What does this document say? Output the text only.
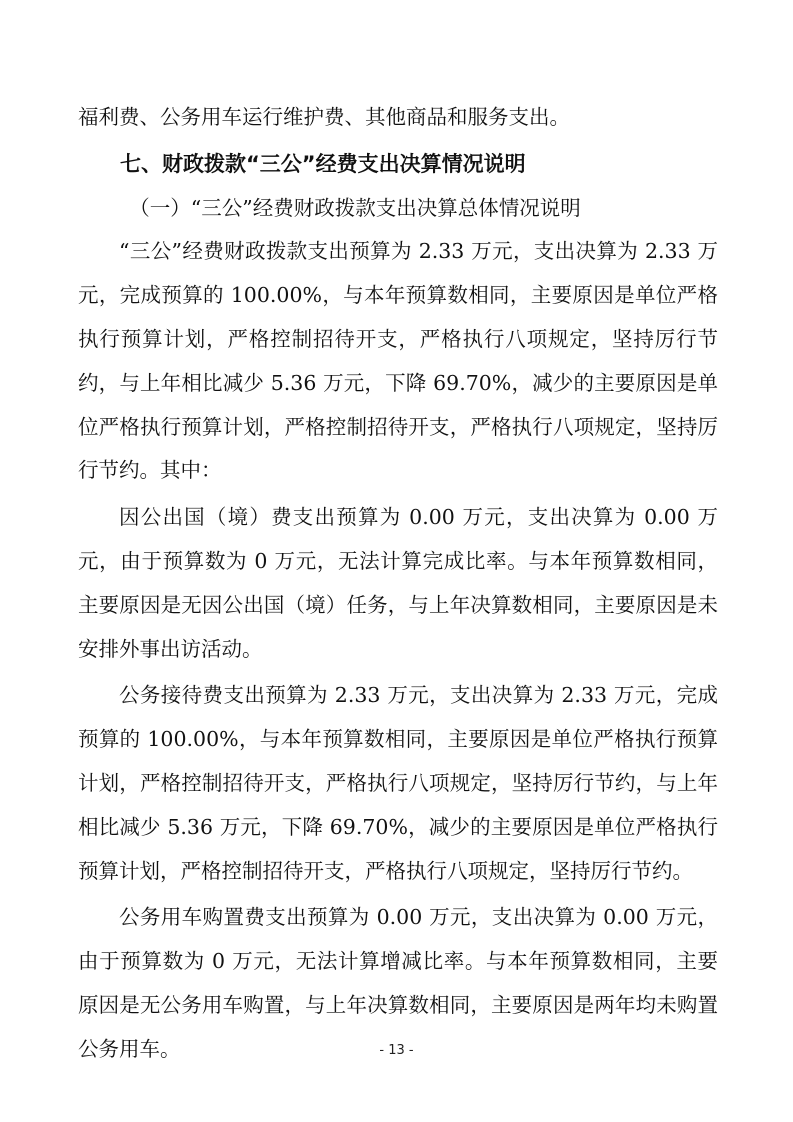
福利费、公务用车运行维护费、其他商品和服务支出。

七、财政拨款“三公”经费支出决算情况说明

（一）“三公”经费财政拨款支出决算总体情况说明

“三公”经费财政拨款支出预算为 2.33 万元，支出决算为 2.33 万元，完成预算的 100.00%，与本年预算数相同，主要原因是单位严格执行预算计划，严格控制招待开支，严格执行八项规定，坚持厉行节约，与上年相比减少 5.36 万元，下降 69.70%，减少的主要原因是单位严格执行预算计划，严格控制招待开支，严格执行八项规定，坚持厉行节约。其中：

因公出国（境）费支出预算为 0.00 万元，支出决算为 0.00 万元，由于预算数为 0 万元，无法计算完成比率。与本年预算数相同，主要原因是无因公出国（境）任务，与上年决算数相同，主要原因是未安排外事出访活动。

公务接待费支出预算为 2.33 万元，支出决算为 2.33 万元，完成预算的 100.00%，与本年预算数相同，主要原因是单位严格执行预算计划，严格控制招待开支，严格执行八项规定，坚持厉行节约，与上年相比减少 5.36 万元，下降 69.70%，减少的主要原因是单位严格执行预算计划，严格控制招待开支，严格执行八项规定，坚持厉行节约。

公务用车购置费支出预算为 0.00 万元，支出决算为 0.00 万元，由于预算数为 0 万元，无法计算增减比率。与本年预算数相同，主要原因是无公务用车购置，与上年决算数相同，主要原因是两年均未购置公务用车。	- 13 -
